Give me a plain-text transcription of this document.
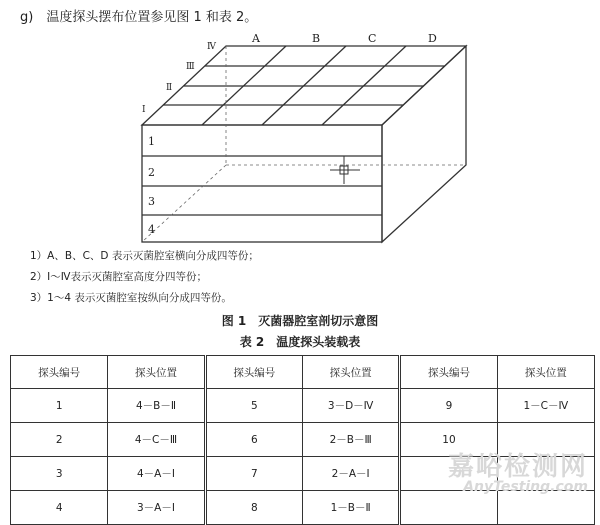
g)　温度探头摆布位置参见图 1 和表 2。
A	B	C	D
Ⅳ
Ⅲ
Ⅱ
Ⅰ
1
2
3
4
1）A、B、C、D 表示灭菌腔室横向分成四等份；
2）Ⅰ～Ⅳ表示灭菌腔室高度分四等份；
3）1～4 表示灭菌腔室按纵向分成四等份。
图 1　灭菌器腔室剖切示意图
表 2　温度探头装载表
探头编号	探头位置	探头编号	探头位置	探头编号	探头位置
1	4－B－Ⅱ	5	3－D－Ⅳ	9	1－C－Ⅳ
2	4－C－Ⅲ	6	2－B－Ⅲ	10	
3	4－A－Ⅰ	7	2－A－Ⅰ		
4	3－A－Ⅰ	8	1－B－Ⅱ		
嘉峪检测网
AnyTesting.com
